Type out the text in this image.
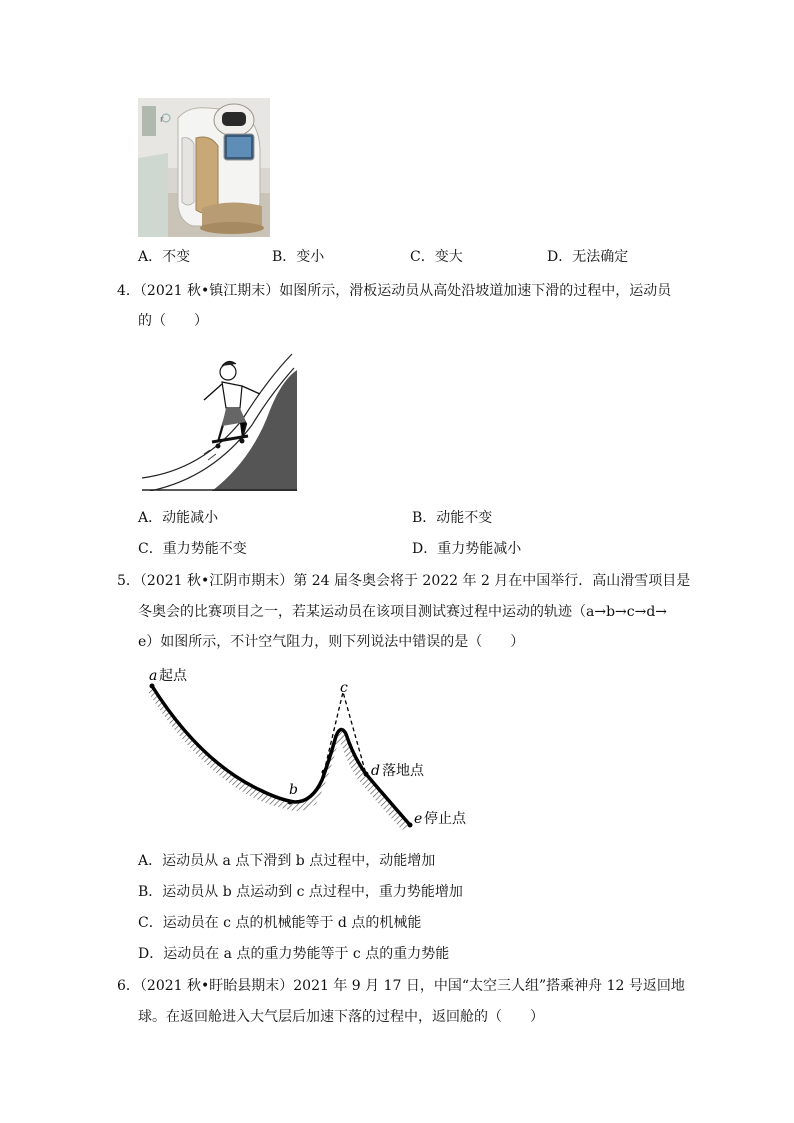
r
A．不变	B．变小	C．变大	D．无法确定
4．（2021 秋•镇江期末）如图所示，滑板运动员从高处沿坡道加速下滑的过程中，运动员
的（　　）
A．动能减小	B．动能不变
C．重力势能不变	D．重力势能减小
5．（2021 秋•江阴市期末）第 24 届冬奥会将于 2022 年 2 月在中国举行．高山滑雪项目是
冬奥会的比赛项目之一，若某运动员在该项目测试赛过程中运动的轨迹（a→b→c→d→
e）如图所示，不计空气阻力，则下列说法中错误的是（　　）
a 起点
b
c
d 落地点
e 停止点
A．运动员从 a 点下滑到 b 点过程中，动能增加
B．运动员从 b 点运动到 c 点过程中，重力势能增加
C．运动员在 c 点的机械能等于 d 点的机械能
D．运动员在 a 点的重力势能等于 c 点的重力势能
6．（2021 秋•盱眙县期末）2021 年 9 月 17 日，中国“太空三人组”搭乘神舟 12 号返回地
球。在返回舱进入大气层后加速下落的过程中，返回舱的（　　）
